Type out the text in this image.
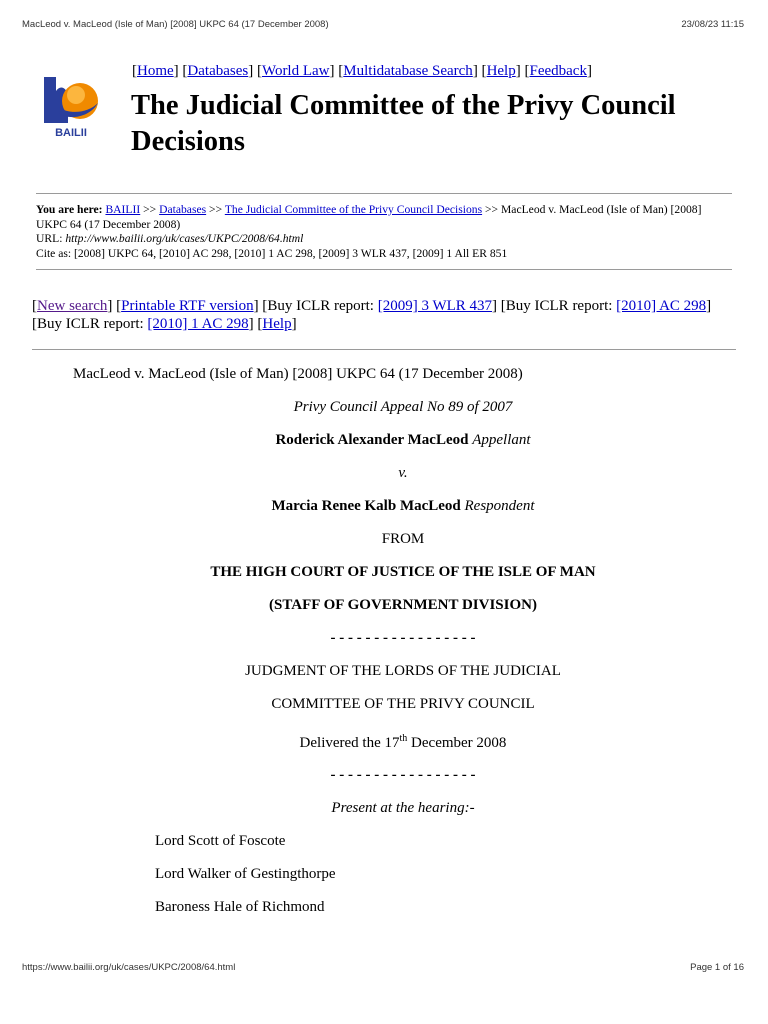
MacLeod v. MacLeod (Isle of Man) [2008] UKPC 64 (17 December 2008)	23/08/23 11:15
BAILII
[Home] [Databases] [World Law] [Multidatabase Search] [Help] [Feedback]
The Judicial Committee of the Privy Council Decisions
You are here: BAILII >> Databases >> The Judicial Committee of the Privy Council Decisions >> MacLeod v. MacLeod (Isle of Man) [2008] UKPC 64 (17 December 2008)
URL: http://www.bailii.org/uk/cases/UKPC/2008/64.html
Cite as: [2008] UKPC 64, [2010] AC 298, [2010] 1 AC 298, [2009] 3 WLR 437, [2009] 1 All ER 851
[New search] [Printable RTF version] [Buy ICLR report: [2009] 3 WLR 437] [Buy ICLR report: [2010] AC 298] [Buy ICLR report: [2010] 1 AC 298] [Help]
MacLeod v. MacLeod (Isle of Man) [2008] UKPC 64 (17 December 2008)
Privy Council Appeal No 89 of 2007
Roderick Alexander MacLeod Appellant
v.
Marcia Renee Kalb MacLeod Respondent
FROM
THE HIGH COURT OF JUSTICE OF THE ISLE OF MAN
(STAFF OF GOVERNMENT DIVISION)
- - - - - - - - - - - - - - - - -
JUDGMENT OF THE LORDS OF THE JUDICIAL
COMMITTEE OF THE PRIVY COUNCIL
Delivered the 17th December 2008
- - - - - - - - - - - - - - - - -
Present at the hearing:-
Lord Scott of Foscote
Lord Walker of Gestingthorpe
Baroness Hale of Richmond
https://www.bailii.org/uk/cases/UKPC/2008/64.html	Page 1 of 16
